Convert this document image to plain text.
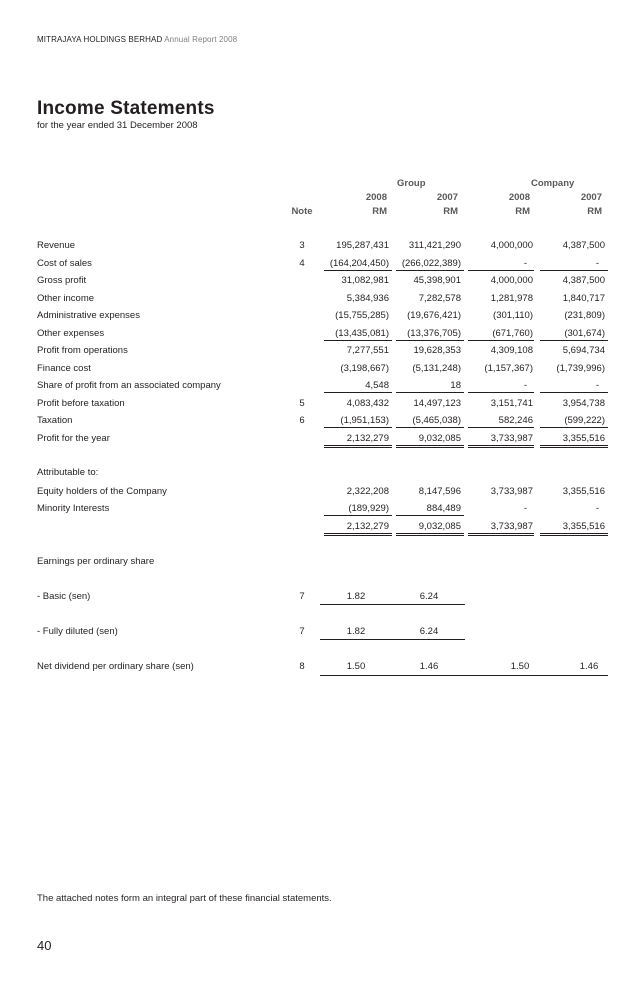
MITRAJAYA HOLDINGS BERHAD Annual Report 2008
Income Statements
for the year ended 31 December 2008
Group	Company
2008	2007	2008	2007
Note	RM	RM	RM	RM
Revenue	3	195,287,431	311,421,290	4,000,000	4,387,500
Cost of sales	4	(164,204,450)	(266,022,389)	-	-
Gross profit	31,082,981	45,398,901	4,000,000	4,387,500
Other income	5,384,936	7,282,578	1,281,978	1,840,717
Administrative expenses	(15,755,285)	(19,676,421)	(301,110)	(231,809)
Other expenses	(13,435,081)	(13,376,705)	(671,760)	(301,674)
Profit from operations	7,277,551	19,628,353	4,309,108	5,694,734
Finance cost	(3,198,667)	(5,131,248)	(1,157,367)	(1,739,996)
Share of profit from an associated company	4,548	18	-	-
Profit before taxation	5	4,083,432	14,497,123	3,151,741	3,954,738
Taxation	6	(1,951,153)	(5,465,038)	582,246	(599,222)
Profit for the year	2,132,279	9,032,085	3,733,987	3,355,516
Attributable to:
Equity holders of the Company	2,322,208	8,147,596	3,733,987	3,355,516
Minority Interests	(189,929)	884,489	-	-
2,132,279	9,032,085	3,733,987	3,355,516
Earnings per ordinary share
- Basic (sen)	7	1.82	6.24
- Fully diluted (sen)	7	1.82	6.24
Net dividend per ordinary share (sen)	8	1.50	1.46	1.50	1.46
The attached notes form an integral part of these financial statements.
40
